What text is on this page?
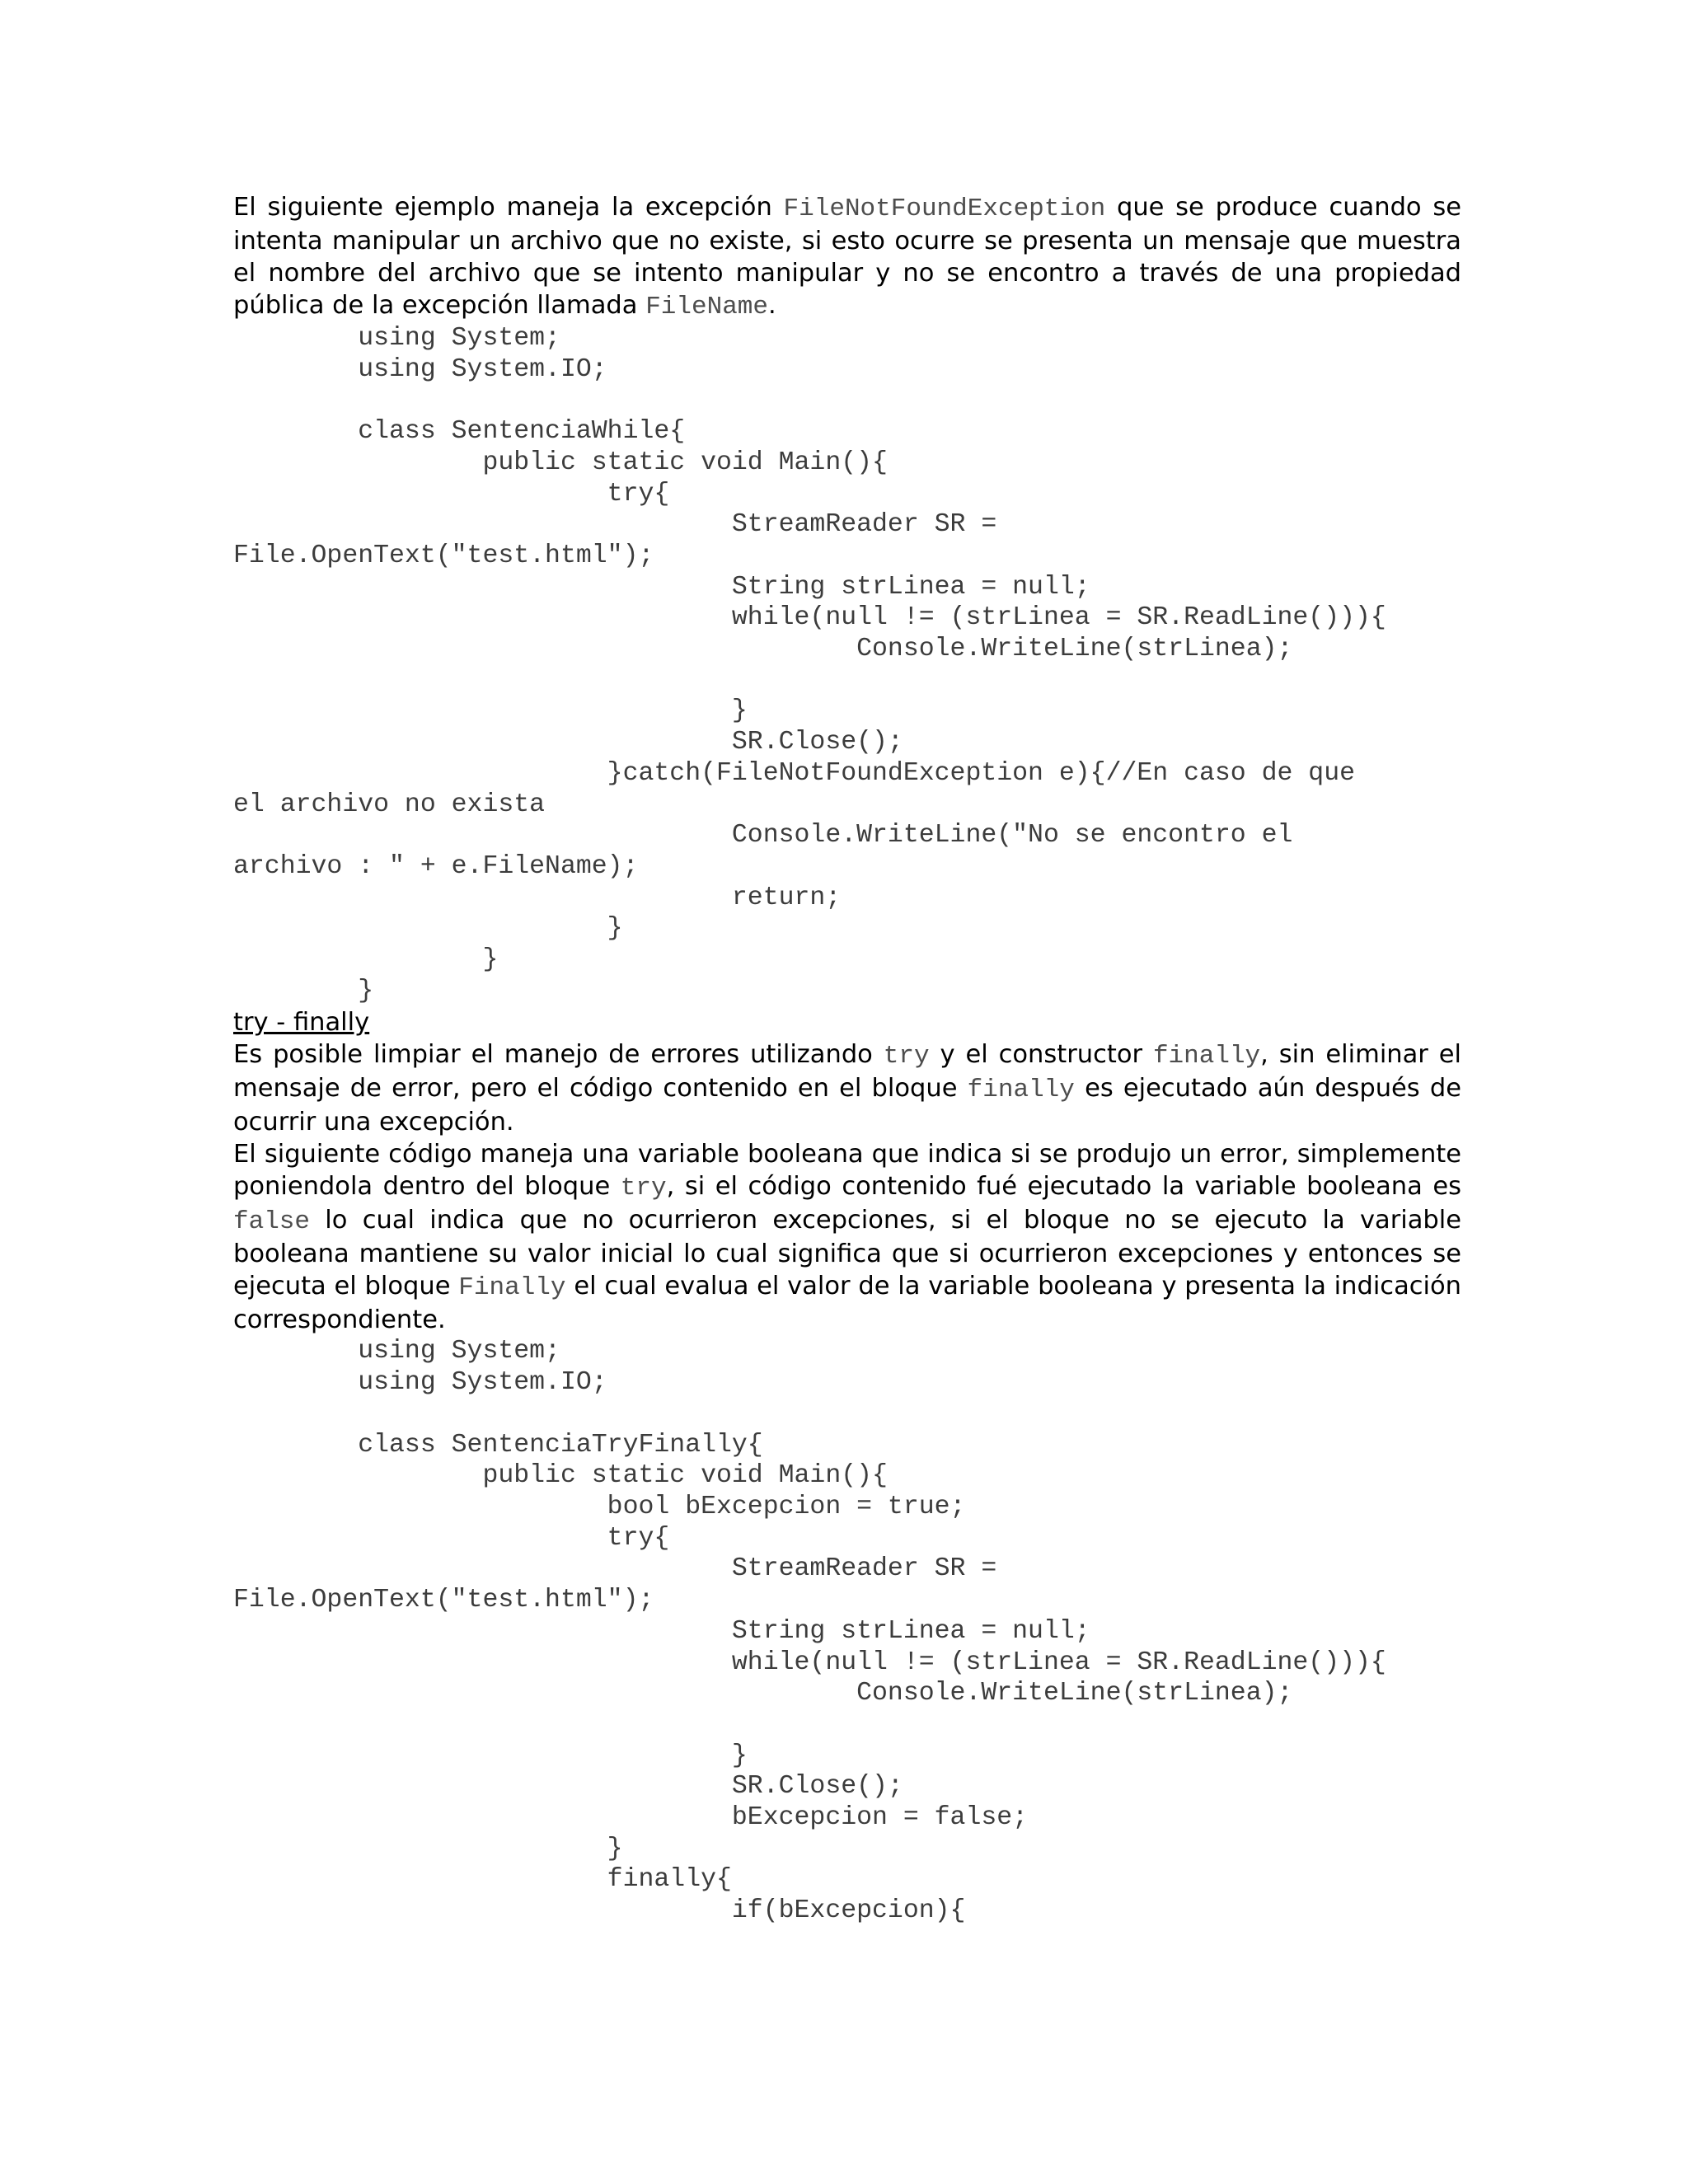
El siguiente ejemplo maneja la excepción FileNotFoundException que se produce cuando se intenta manipular un archivo que no existe, si esto ocurre se presenta un mensaje que muestra el nombre del archivo que se intento manipular y no se encontro a través de una propiedad pública de la excepción llamada FileName.

using System;
using System.IO;

class SentenciaWhile{
public static void Main(){
try{
StreamReader SR =
File.OpenText("test.html");
String strLinea = null;
while(null != (strLinea = SR.ReadLine())){
Console.WriteLine(strLinea);

}
SR.Close();
}catch(FileNotFoundException e){//En caso de que
el archivo no exista
Console.WriteLine("No se encontro el
archivo : " + e.FileName);
return;
}
}
}

try - finally

Es posible limpiar el manejo de errores utilizando try y el constructor finally, sin eliminar el mensaje de error, pero el código contenido en el bloque finally es ejecutado aún después de ocurrir una excepción.

El siguiente código maneja una variable booleana que indica si se produjo un error, simplemente poniendola dentro del bloque try, si el código contenido fué ejecutado la variable booleana es false lo cual indica que no ocurrieron excepciones, si el bloque no se ejecuto la variable booleana mantiene su valor inicial lo cual significa que si ocurrieron excepciones y entonces se ejecuta el bloque Finally el cual evalua el valor de la variable booleana y presenta la indicación correspondiente.

using System;
using System.IO;

class SentenciaTryFinally{
public static void Main(){
bool bExcepcion = true;
try{
StreamReader SR =
File.OpenText("test.html");
String strLinea = null;
while(null != (strLinea = SR.ReadLine())){
Console.WriteLine(strLinea);

}
SR.Close();
bExcepcion = false;
}
finally{
if(bExcepcion){
